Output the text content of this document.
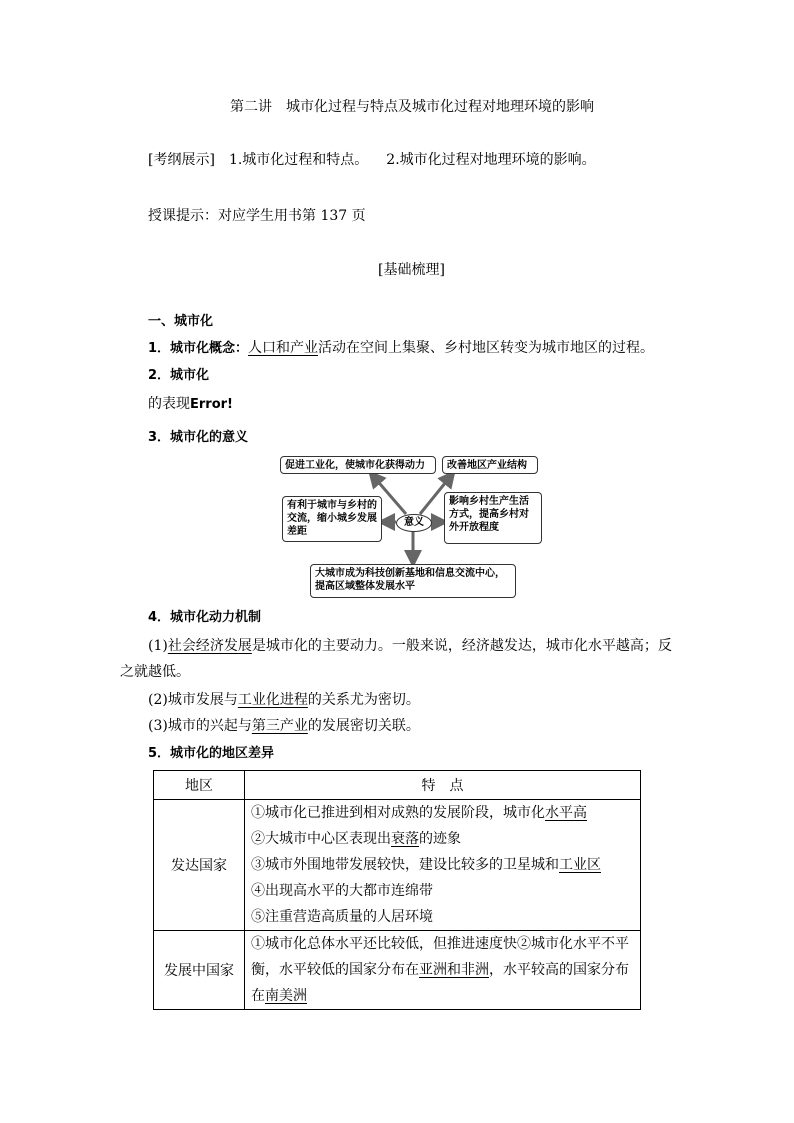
第二讲　城市化过程与特点及城市化过程对地理环境的影响
[考纲展示] 1.城市化过程和特点。 2.城市化过程对地理环境的影响。
授课提示：对应学生用书第 137 页
[基础梳理]
一、城市化
1．城市化概念：人口和产业活动在空间上集聚、乡村地区转变为城市地区的过程。
2．城市化
的表现Error!
3．城市化的意义
促进工业化，使城市化获得动力	改善地区产业结构
有利于城市与乡村的交流，缩小城乡发展差距
影响乡村生产生活方式，提高乡村对外开放程度
意义
大城市成为科技创新基地和信息交流中心，提高区域整体发展水平
4．城市化动力机制
(1)社会经济发展是城市化的主要动力。一般来说，经济越发达，城市化水平越高；反
之就越低。
(2)城市发展与工业化进程的关系尤为密切。
(3)城市的兴起与第三产业的发展密切关联。
5．城市化的地区差异
地区	特　点
发达国家	①城市化已推进到相对成熟的发展阶段，城市化水平高
②大城市中心区表现出衰落的迹象
③城市外围地带发展较快，建设比较多的卫星城和工业区
④出现高水平的大都市连绵带
⑤注重营造高质量的人居环境

发展中国家	①城市化总体水平还比较低，但推进速度快②城市化水平不平
衡，水平较低的国家分布在亚洲和非洲，水平较高的国家分布
在南美洲
